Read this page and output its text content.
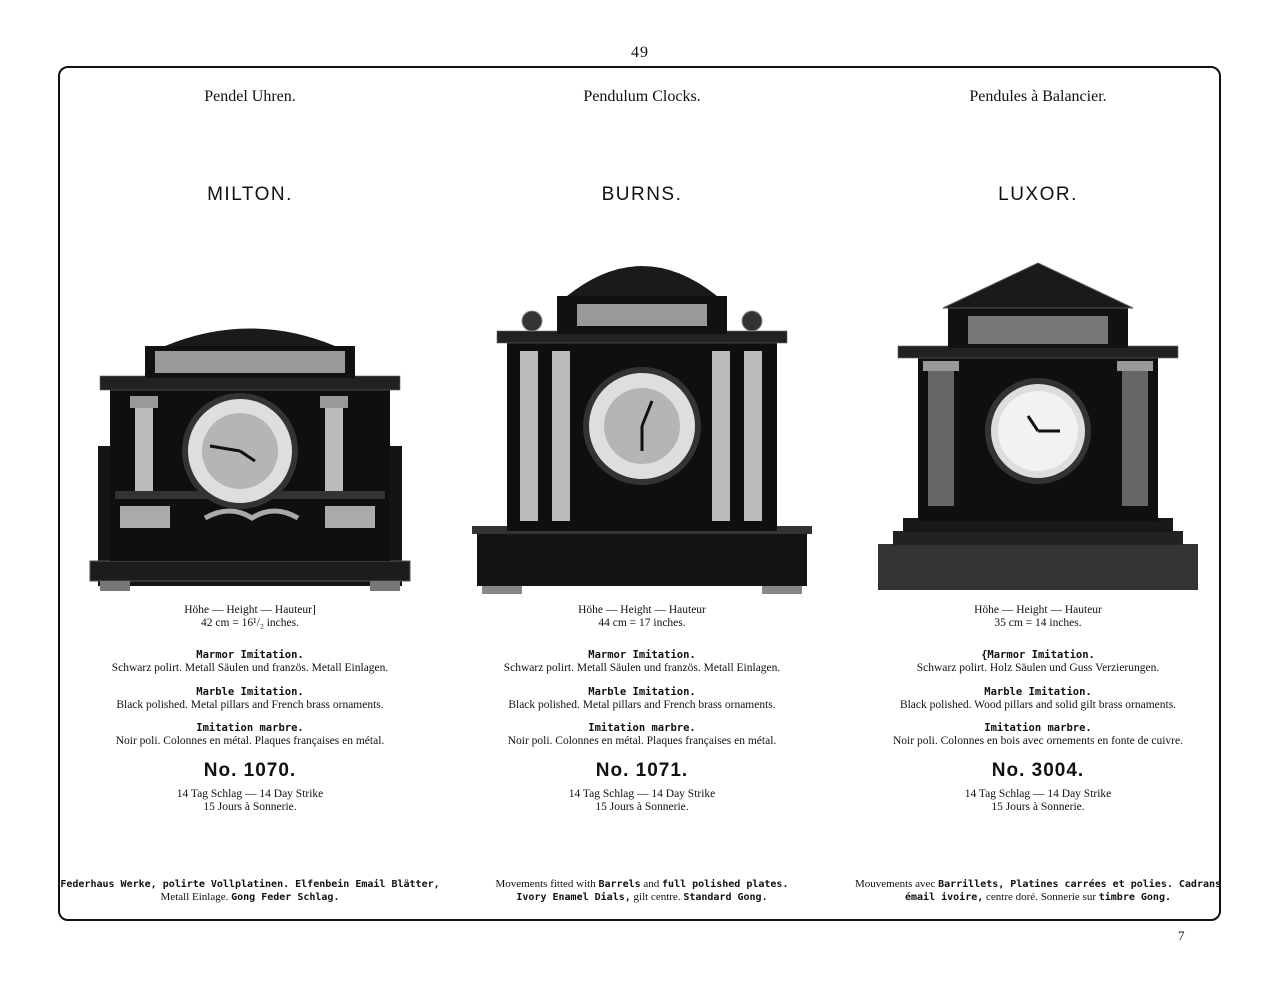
49
7
Pendel Uhren.
MILTON.
Höhe — Height — Hauteur]
42 cm = 16¹/₂ inches.
Marmor Imitation.
Schwarz polirt. Metall Säulen und französ. Metall Einlagen.
Marble Imitation.
Black polished. Metal pillars and French brass ornaments.
Imitation marbre.
Noir poli. Colonnes en métal. Plaques françaises en métal.
No. 1070.
14 Tag Schlag — 14 Day Strike
15 Jours à Sonnerie.
Federhaus Werke, polirte Vollplatinen. Elfenbein Email Blätter,
Metall Einlage. Gong Feder Schlag.
Pendulum Clocks.
BURNS.
Höhe — Height — Hauteur
44 cm = 17 inches.
Marmor Imitation.
Schwarz polirt. Metall Säulen und französ. Metall Einlagen.
Marble Imitation.
Black polished. Metal pillars and French brass ornaments.
Imitation marbre.
Noir poli. Colonnes en métal. Plaques françaises en métal.
No. 1071.
14 Tag Schlag — 14 Day Strike
15 Jours à Sonnerie.
Movements fitted with Barrels and full polished plates.
Ivory Enamel Dials, gilt centre. Standard Gong.
Pendules à Balancier.
LUXOR.
Höhe — Height — Hauteur
35 cm = 14 inches.
{Marmor Imitation.
Schwarz polirt. Holz Säulen und Guss Verzierungen.
Marble Imitation.
Black polished. Wood pillars and solid gilt brass ornaments.
Imitation marbre.
Noir poli. Colonnes en bois avec ornements en fonte de cuivre.
No. 3004.
14 Tag Schlag — 14 Day Strike
15 Jours à Sonnerie.
Mouvements avec Barrillets, Platines carrées et polies. Cadrans
émail ivoire, centre doré. Sonnerie sur timbre Gong.
